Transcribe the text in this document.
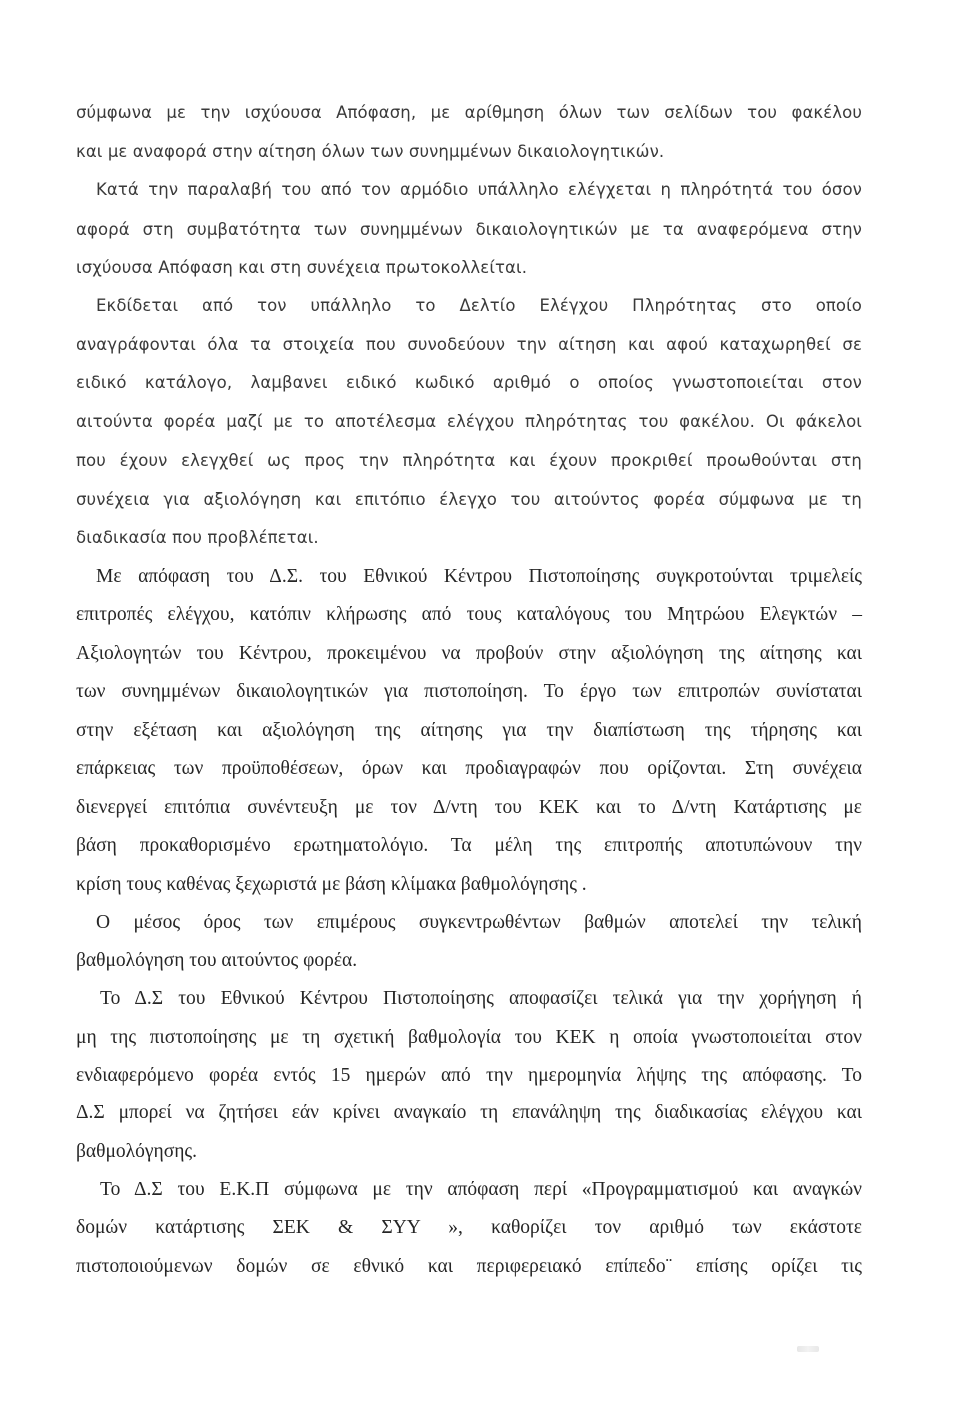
σύμφωνα με την ισχύουσα Απόφαση, με αρίθμηση όλων των σελίδων του φακέλου
και με αναφορά στην αίτηση όλων των συνημμένων δικαιολογητικών.
Κατά την παραλαβή του από τον αρμόδιο υπάλληλο ελέγχεται η πληρότητά του όσον
αφορά στη συμβατότητα των συνημμένων δικαιολογητικών με τα αναφερόμενα στην
ισχύουσα Απόφαση και στη συνέχεια πρωτοκολλείται.
Εκδίδεται από τον υπάλληλο το Δελτίο Ελέγχου Πληρότητας στο οποίο
αναγράφονται όλα τα στοιχεία που συνοδεύουν την αίτηση και αφού καταχωρηθεί σε
ειδικό κατάλογο, λαμβανει ειδικό κωδικό αριθμό ο οποίος γνωστοποιείται στον
αιτούντα φορέα μαζί με το αποτέλεσμα ελέγχου πληρότητας του φακέλου. Οι φάκελοι
που έχουν ελεγχθεί ως προς την πληρότητα και έχουν προκριθεί προωθούνται στη
συνέχεια για αξιολόγηση και επιτόπιο έλεγχο του αιτούντος φορέα σύμφωνα με τη
διαδικασία που προβλέπεται.
Με απόφαση του Δ.Σ. του Εθνικού Κέντρου Πιστοποίησης συγκροτούνται τριμελείς
επιτροπές ελέγχου, κατόπιν κλήρωσης από τους καταλόγους του Μητρώου Ελεγκτών –
Αξιολογητών του Κέντρου, προκειμένου να προβούν στην αξιολόγηση της αίτησης και
των συνημμένων δικαιολογητικών για πιστοποίηση. Το έργο των επιτροπών συνίσταται
στην εξέταση και αξιολόγηση της αίτησης για την διαπίστωση της τήρησης και
επάρκειας των προϋποθέσεων, όρων και προδιαγραφών που ορίζονται. Στη συνέχεια
διενεργεί επιτόπια συνέντευξη με τον Δ/ντη του ΚΕΚ και το Δ/ντη Κατάρτισης με
βάση προκαθορισμένο ερωτηματολόγιο. Τα μέλη της επιτροπής αποτυπώνουν την
κρίση τους καθένας ξεχωριστά με βάση κλίμακα βαθμολόγησης .
Ο μέσος όρος των επιμέρους συγκεντρωθέντων βαθμών αποτελεί την τελική
βαθμολόγηση του αιτούντος φορέα.
Το Δ.Σ του Εθνικού Κέντρου Πιστοποίησης αποφασίζει τελικά για την χορήγηση ή
μη της πιστοποίησης με τη σχετική βαθμολογία του ΚΕΚ η οποία γνωστοποιείται στον
ενδιαφερόμενο φορέα εντός 15 ημερών από την ημερομηνία λήψης της απόφασης. Το
Δ.Σ μπορεί να ζητήσει εάν κρίνει αναγκαίο τη επανάληψη της διαδικασίας ελέγχου και
βαθμολόγησης.
Το Δ.Σ του Ε.Κ.Π σύμφωνα με την απόφαση περί «Προγραμματισμού και αναγκών
δομών κατάρτισης ΣΕΚ & ΣΥΥ », καθορίζει τον αριθμό των εκάστοτε
πιστοποιούμενων δομών σε εθνικό και περιφερειακό επίπεδο¨ επίσης ορίζει τις
